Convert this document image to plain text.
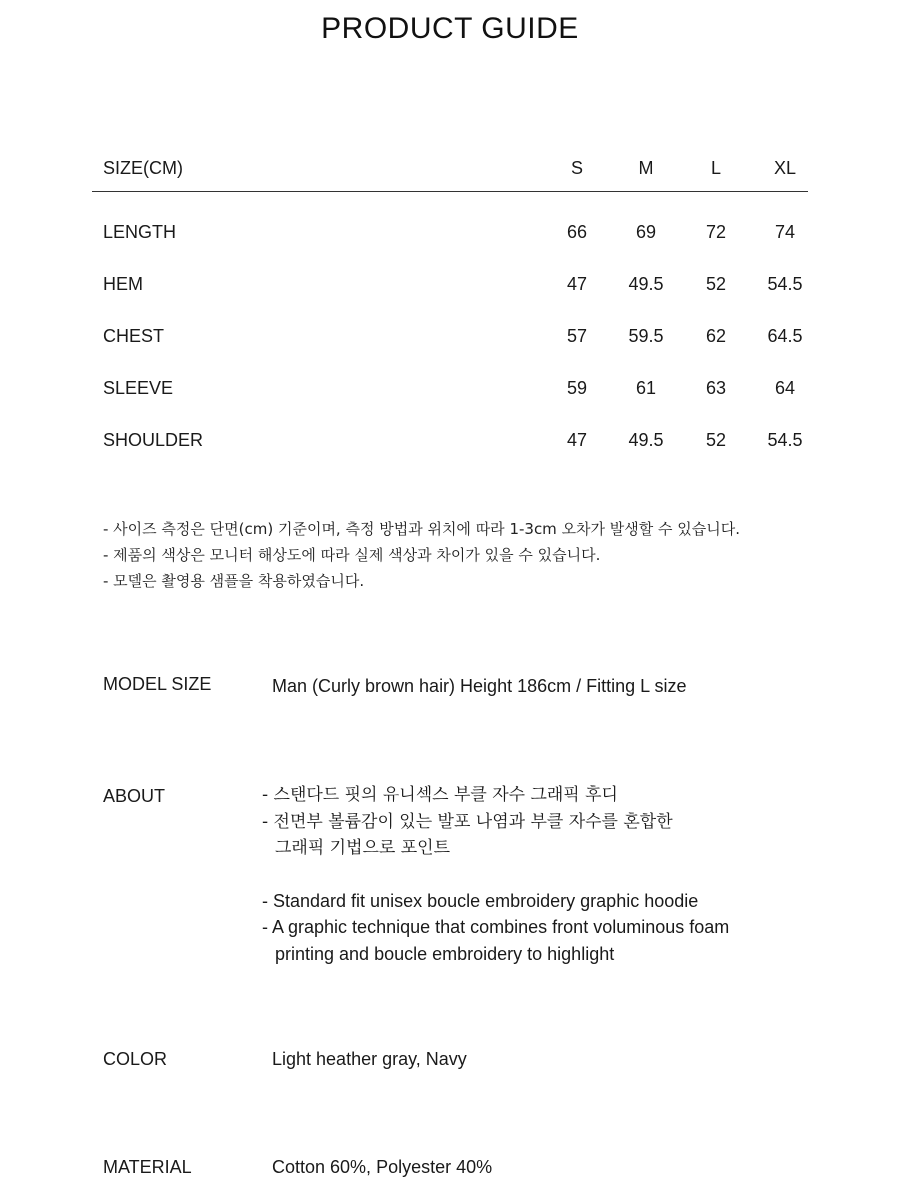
PRODUCT GUIDE
SIZE(CM)	S	M	L	XL
LENGTH	66	69	72	74
HEM	47	49.5	52	54.5
CHEST	57	59.5	62	64.5
SLEEVE	59	61	63	64
SHOULDER	47	49.5	52	54.5
- 사이즈 측정은 단면(cm) 기준이며, 측정 방법과 위치에 따라 1-3cm 오차가 발생할 수 있습니다.
- 제품의 색상은 모니터 해상도에 따라 실제 색상과 차이가 있을 수 있습니다.
- 모델은 촬영용 샘플을 착용하였습니다.
MODEL SIZE	Man (Curly brown hair) Height 186cm / Fitting L size
ABOUT	- 스탠다드 핏의 유니섹스 부클 자수 그래픽 후디
- 전면부 볼륨감이 있는 발포 나염과 부클 자수를 혼합한
그래픽 기법으로 포인트
- Standard fit unisex boucle embroidery graphic hoodie
- A graphic technique that combines front voluminous foam
printing and boucle embroidery to highlight
COLOR	Light heather gray, Navy
MATERIAL	Cotton 60%, Polyester 40%
